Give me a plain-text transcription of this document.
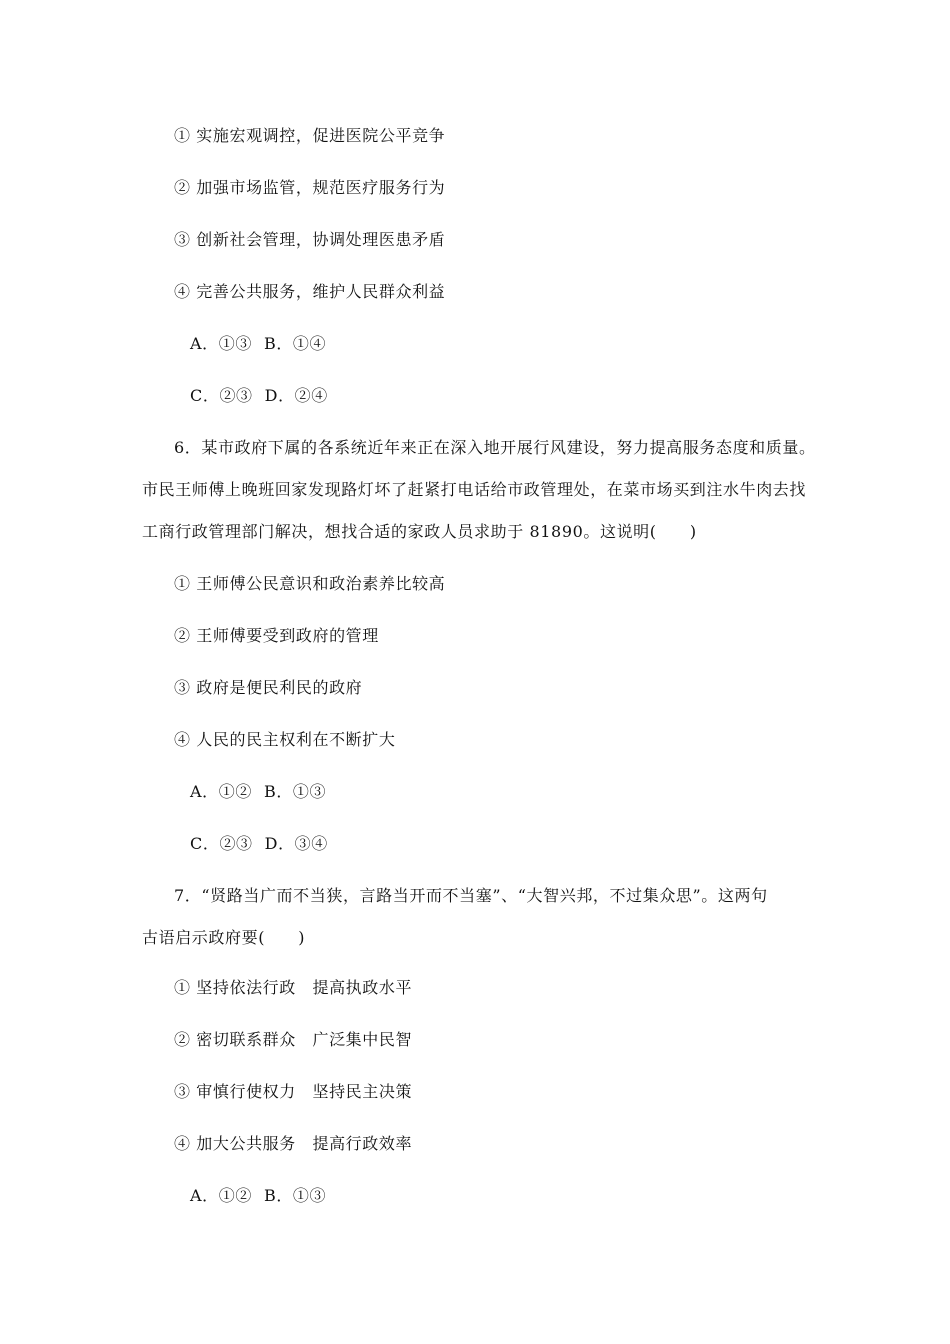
① 实施宏观调控，促进医院公平竞争
② 加强市场监管，规范医疗服务行为
③ 创新社会管理，协调处理医患矛盾
④ 完善公共服务，维护人民群众利益
A．①③ B．①④
C．②③ D．②④
6．某市政府下属的各系统近年来正在深入地开展行风建设，努力提高服务态度和质量。
市民王师傅上晚班回家发现路灯坏了赶紧打电话给市政管理处，在菜市场买到注水牛肉去找
工商行政管理部门解决，想找合适的家政人员求助于 81890。这说明(　　)
① 王师傅公民意识和政治素养比较高
② 王师傅要受到政府的管理
③ 政府是便民利民的政府
④ 人民的民主权利在不断扩大
A．①② B．①③
C．②③ D．③④
7．“贤路当广而不当狭，言路当开而不当塞”、“大智兴邦，不过集众思”。这两句
古语启示政府要(　　)
① 坚持依法行政　提高执政水平
② 密切联系群众　广泛集中民智
③ 审慎行使权力　坚持民主决策
④ 加大公共服务　提高行政效率
A．①② B．①③
